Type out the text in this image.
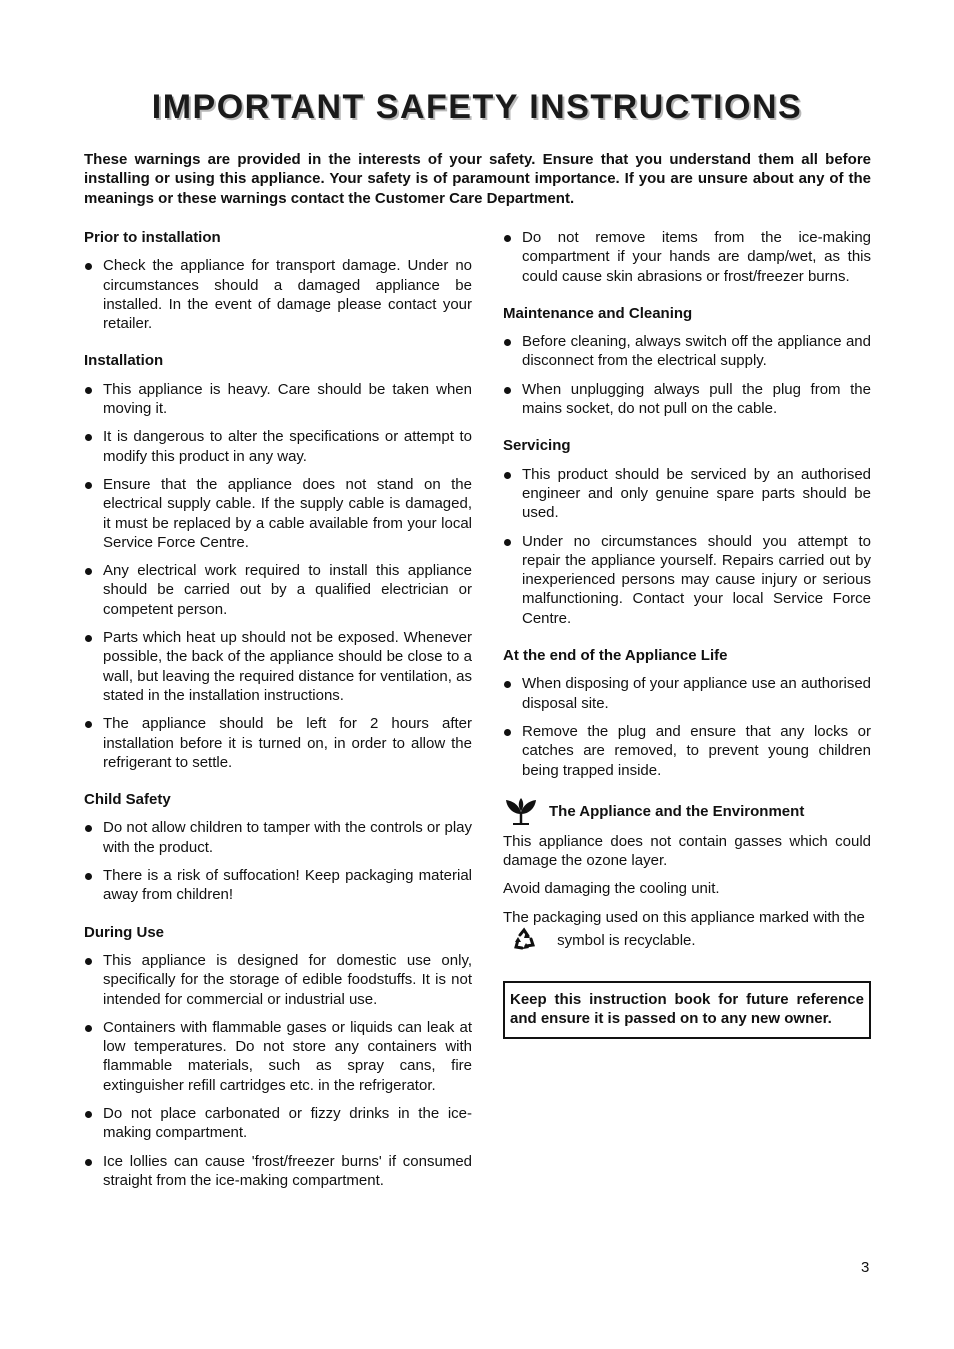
IMPORTANT SAFETY INSTRUCTIONS
These warnings are provided in the interests of your safety. Ensure that you understand them all before installing or using this appliance. Your safety is of paramount importance. If you are unsure about any of the meanings or these warnings contact the Customer Care Department.
Prior to installation
Check the appliance for transport damage. Under no circumstances should a damaged appliance be installed. In the event of damage please contact your retailer.
Installation
This appliance is heavy. Care should be taken when moving it.
It is dangerous to alter the specifications or attempt to modify this product in any way.
Ensure that the appliance does not stand on the electrical supply cable. If the supply cable is damaged, it must be replaced by a cable available from your local Service Force Centre.
Any electrical work required to install this appliance should be carried out by a qualified electrician or competent person.
Parts which heat up should not be exposed. Whenever possible, the back of the appliance should be close to a wall, but leaving the required distance for ventilation, as stated in the installation instructions.
The appliance should be left for 2 hours after installation before it is turned on, in order to allow the refrigerant to settle.
Child Safety
Do not allow children to tamper with the controls or play with the product.
There is a risk of suffocation! Keep packaging material away from children!
During Use
This appliance is designed for domestic use only, specifically for the storage of edible foodstuffs. It is not intended for commercial or industrial use.
Containers with flammable gases or liquids can leak at low temperatures. Do not store any containers with flammable materials, such as spray cans, fire extinguisher refill cartridges etc. in the refrigerator.
Do not place carbonated or fizzy drinks in the ice-making compartment.
Ice lollies can cause 'frost/freezer burns' if consumed straight from the ice-making compartment.
Do not remove items from the ice-making compartment if your hands are damp/wet, as this could cause skin abrasions or frost/freezer burns.
Maintenance and Cleaning
Before cleaning, always switch off the appliance and disconnect from the electrical supply.
When unplugging always pull the plug from the mains socket, do not pull on the cable.
Servicing
This product should be serviced by an authorised engineer and only genuine spare parts should be used.
Under no circumstances should you attempt to repair the appliance yourself. Repairs carried out by inexperienced persons may cause injury or serious malfunctioning. Contact your local Service Force Centre.
At the end of the Appliance Life
When disposing of your appliance use an authorised disposal site.
Remove the plug and ensure that any locks or catches are removed, to prevent young children being trapped inside.
The Appliance and the Environment

This appliance does not contain gasses which could damage the ozone layer.

Avoid damaging the cooling unit.

The packaging used on this appliance marked with the  symbol is recyclable.

Keep this instruction book for future reference and ensure it is passed on to any new owner.
3
